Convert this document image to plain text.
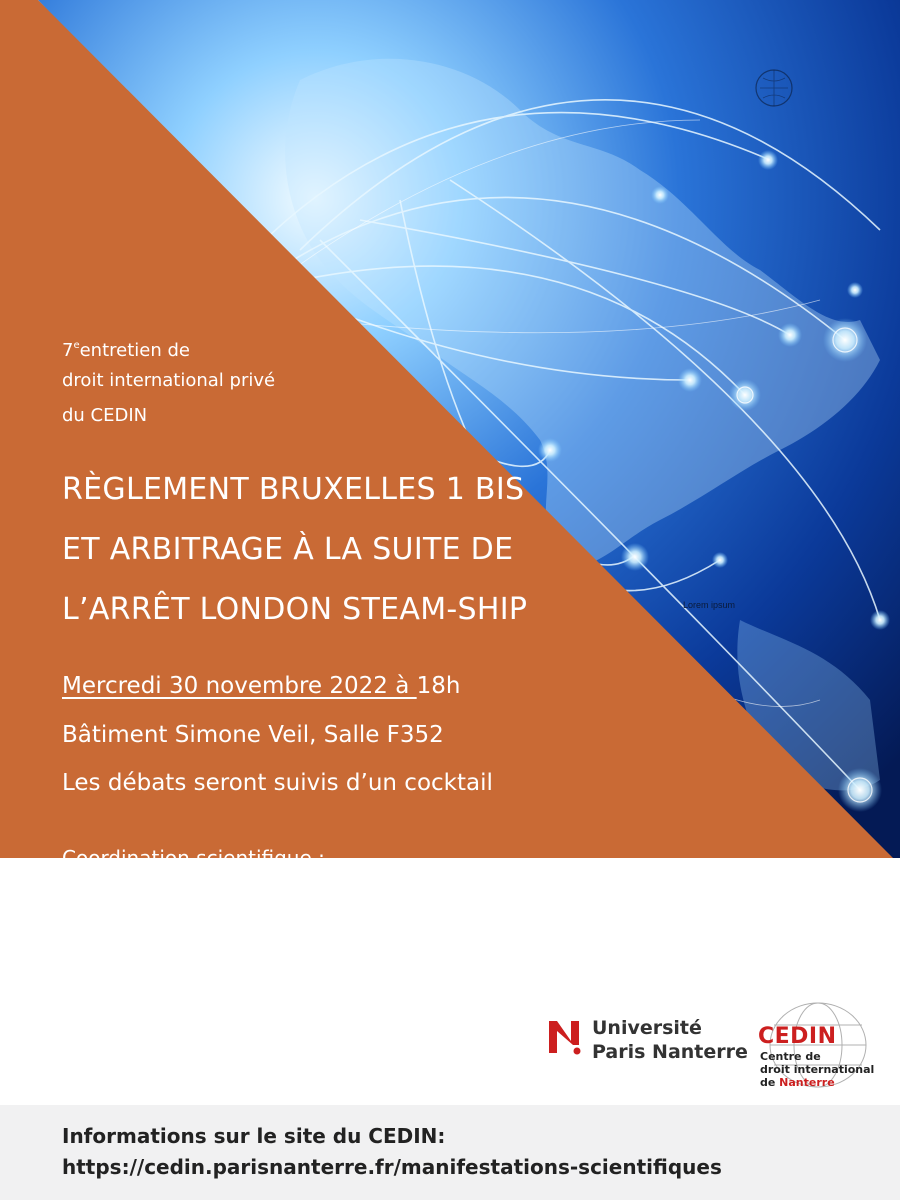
7eentretien de
droit international privé
du CEDIN
RÈGLEMENT BRUXELLES 1 BIS
ET ARBITRAGE À LA SUITE DE
L’ARRÊT LONDON STEAM-SHIP	Lorem ipsum
Mercredi 30 novembre 2022 à 18h
Bâtiment Simone Veil, Salle F352
Les débats seront suivis d’un cocktail
Coordination scientifique :
Rebecca Legendre et Marie Nioche
Inscription :
carmen.tudor@parisnanterre.fr
Université
Paris Nanterre
CEDIN
Centre de
droit international
de Nanterre
Informations sur le site du CEDIN:
https://cedin.parisnanterre.fr/manifestations-scientifiques
